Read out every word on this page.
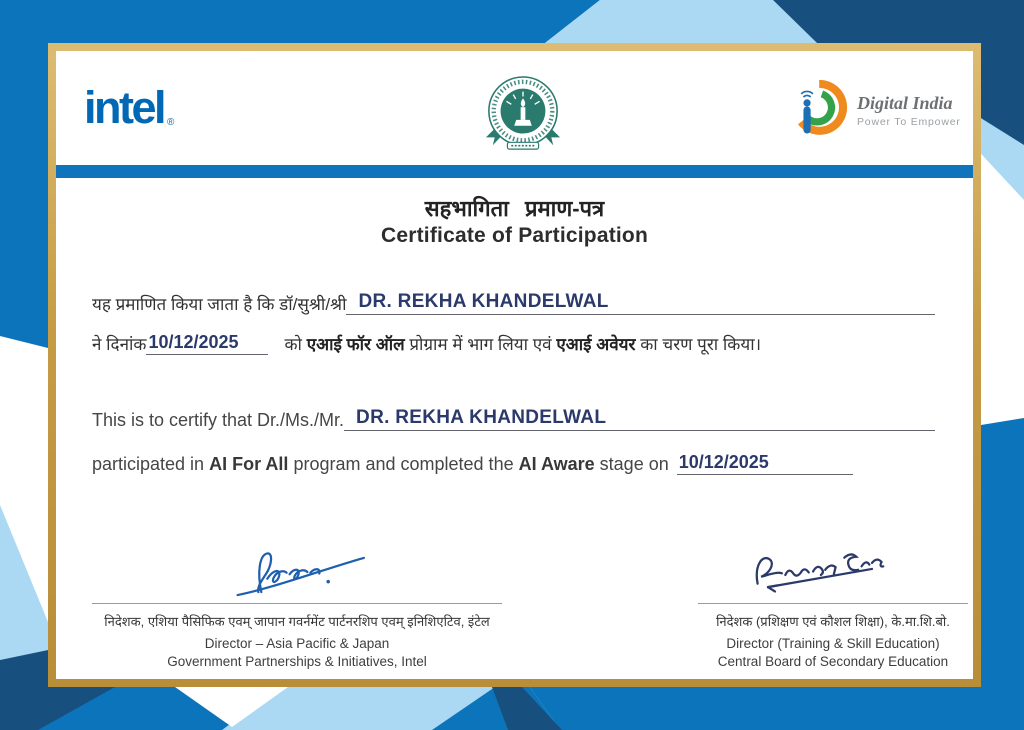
intel ®
Digital India
Power To Empower
सहभागिता प्रमाण-पत्र
Certificate of Participation
यह प्रमाणित किया जाता है कि डॉ/सुश्री/श्री DR. REKHA KHANDELWAL
ने दिनांक 10/12/2025	को एआई फॉर ऑल प्रोग्राम में भाग लिया एवं एआई अवेयर का चरण पूरा किया।
This is to certify that Dr./Ms./Mr. DR. REKHA KHANDELWAL
participated in AI For All program and completed the AI Aware stage on 10/12/2025
निदेशक, एशिया पैसिफिक एवम् जापान गवर्नमेंट पार्टनरशिप एवम् इनिशिएटिव, इंटेल
Director – Asia Pacific & Japan
Government Partnerships & Initiatives, Intel
निदेशक (प्रशिक्षण एवं कौशल शिक्षा), के.मा.शि.बो.
Director (Training & Skill Education)
Central Board of Secondary Education
